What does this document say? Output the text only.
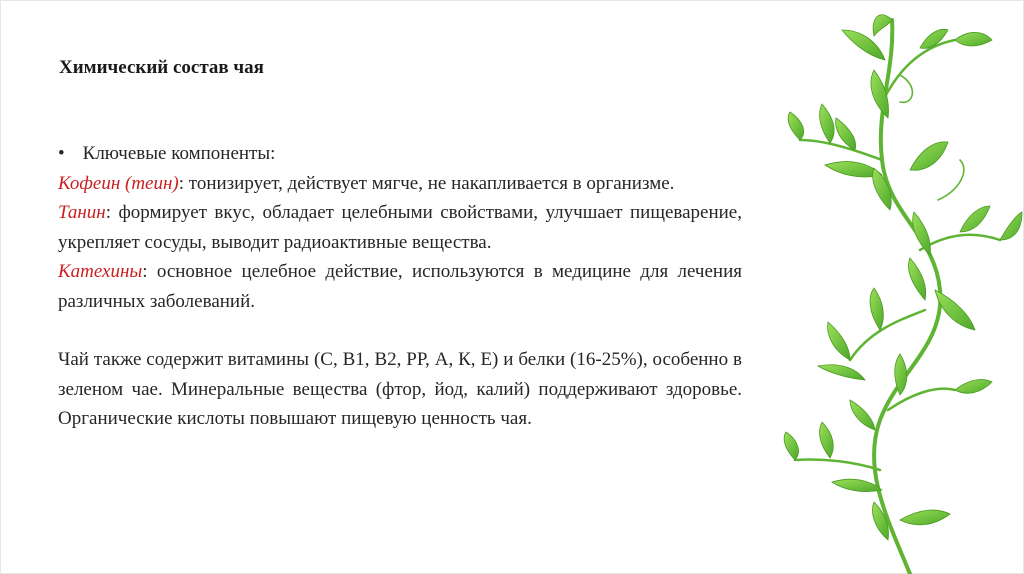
Химический состав чая

• Ключевые компоненты:

Кофеин (теин): тонизирует, действует мягче, не накапливается в организме.

Танин: формирует вкус, обладает целебными свойствами, улучшает пищеварение, укрепляет сосуды, выводит радиоактивные вещества.

Катехины: основное целебное действие, используются в медицине для лечения различных заболеваний.

Чай также содержит витамины (С, В1, В2, РР, А, К, Е) и белки (16-25%), особенно в зеленом чае. Минеральные вещества (фтор, йод, калий) поддерживают здоровье. Органические кислоты повышают пищевую ценность чая.
